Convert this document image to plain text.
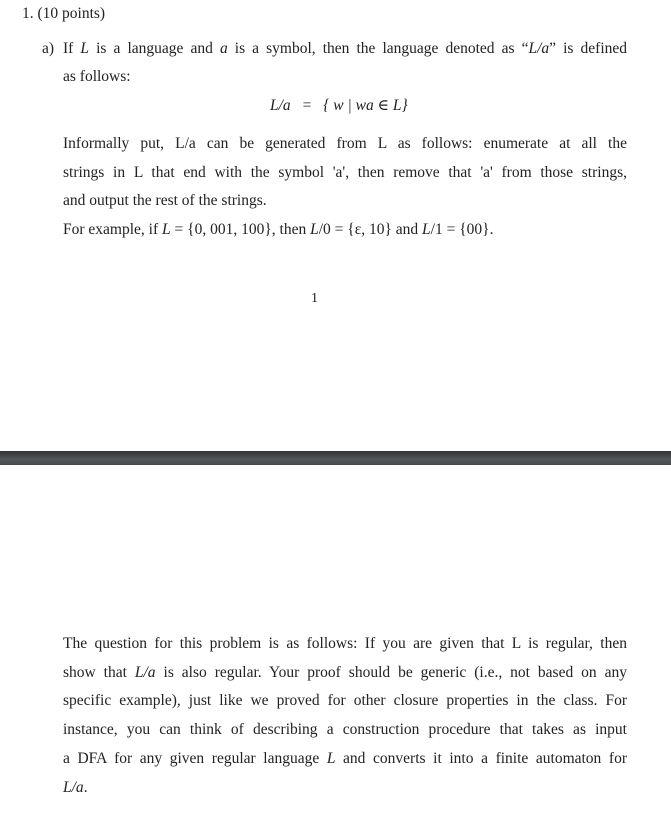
1. (10 points)
a) If L is a language and a is a symbol, then the language denoted as “L/a” is defined
as follows:
L/a = { w | wa ∈ L}
Informally put, L/a can be generated from L as follows: enumerate at all the
strings in L that end with the symbol 'a', then remove that 'a' from those strings,
and output the rest of the strings.
For example, if L = {0, 001, 100}, then L/0 = {ε, 10} and L/1 = {00}.
1
The question for this problem is as follows: If you are given that L is regular, then
show that L/a is also regular. Your proof should be generic (i.e., not based on any
specific example), just like we proved for other closure properties in the class. For
instance, you can think of describing a construction procedure that takes as input
a DFA for any given regular language L and converts it into a finite automaton for
L/a.
